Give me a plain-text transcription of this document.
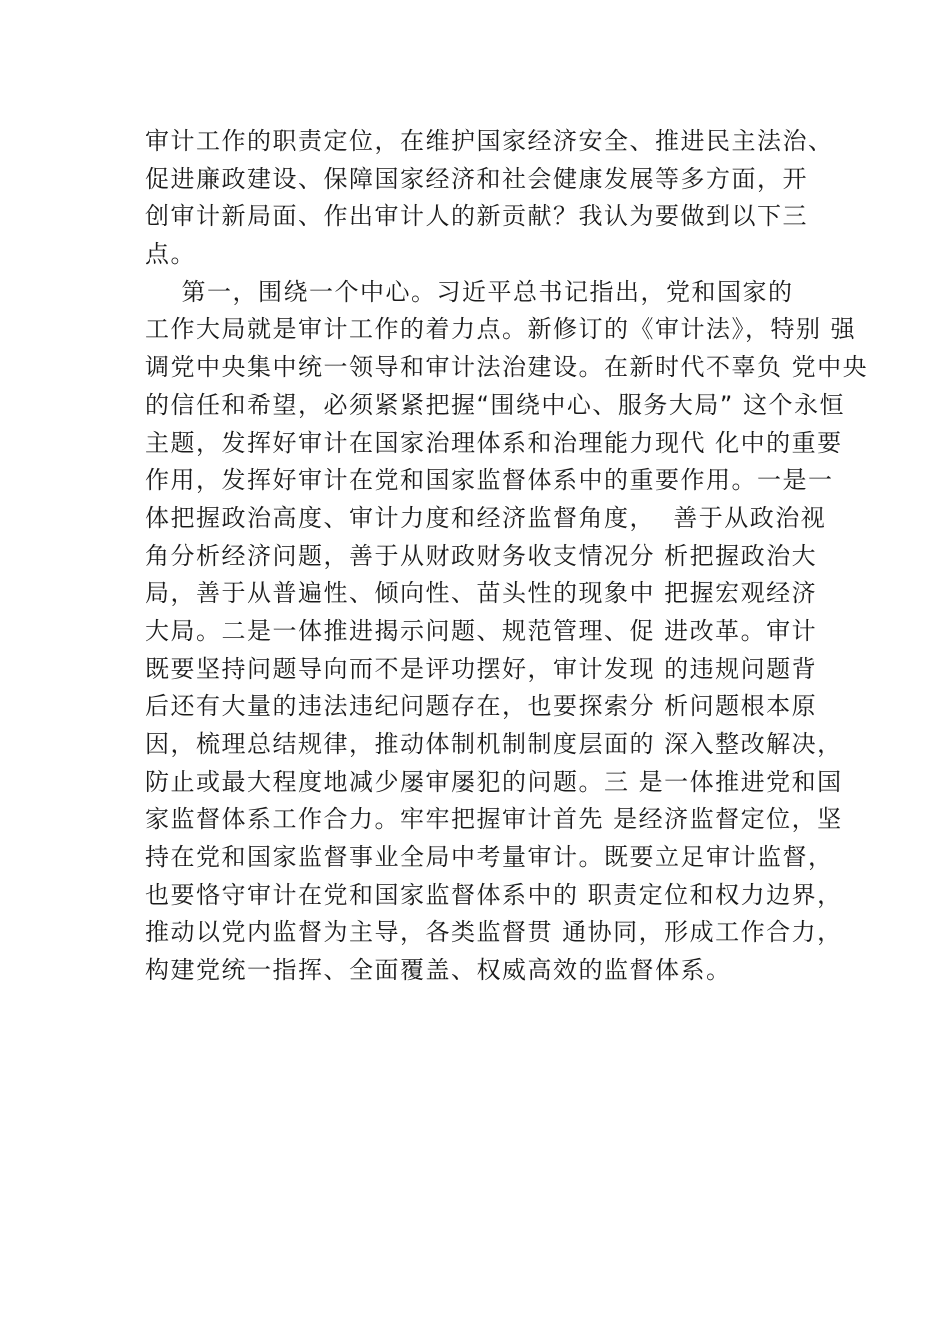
审计工作的职责定位，在维护国家经济安全、推进民主法治、
促进廉政建设、保障国家经济和社会健康发展等多方面，开
创审计新局面、作出审计人的新贡献？我认为要做到以下三
点。
第一，围绕一个中心。习近平总书记指出，党和国家的
工作大局就是审计工作的着力点。新修订的《审计法》，特别 强
调党中央集中统一领导和审计法治建设。在新时代不辜负 党中央
的信任和希望，必须紧紧把握“围绕中心、服务大局” 这个永恒
主题，发挥好审计在国家治理体系和治理能力现代 化中的重要
作用，发挥好审计在党和国家监督体系中的重要作用。一是一
体把握政治高度、审计力度和经济监督角度，  善于从政治视
角分析经济问题，善于从财政财务收支情况分 析把握政治大
局，善于从普遍性、倾向性、苗头性的现象中 把握宏观经济
大局。二是一体推进揭示问题、规范管理、促 进改革。审计
既要坚持问题导向而不是评功摆好，审计发现 的违规问题背
后还有大量的违法违纪问题存在，也要探索分 析问题根本原
因，梳理总结规律，推动体制机制制度层面的 深入整改解决，
防止或最大程度地减少屡审屡犯的问题。三 是一体推进党和国
家监督体系工作合力。牢牢把握审计首先 是经济监督定位，坚
持在党和国家监督事业全局中考量审计。既要立足审计监督，
也要恪守审计在党和国家监督体系中的 职责定位和权力边界，
推动以党内监督为主导，各类监督贯 通协同，形成工作合力，
构建党统一指挥、全面覆盖、权威高效的监督体系。
